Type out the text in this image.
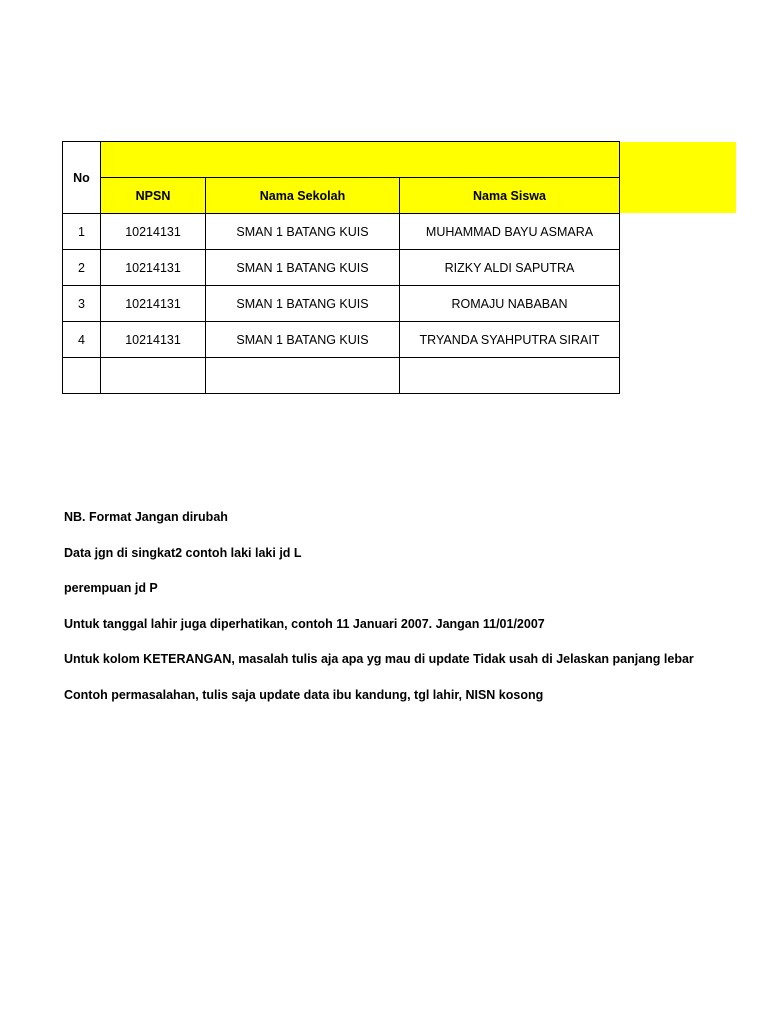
No			
	NPSN	Nama Sekolah	Nama Siswa
1	10214131	SMAN 1 BATANG KUIS	MUHAMMAD BAYU ASMARA
2	10214131	SMAN 1 BATANG KUIS	RIZKY ALDI SAPUTRA
3	10214131	SMAN 1 BATANG KUIS	ROMAJU NABABAN
4	10214131	SMAN 1 BATANG KUIS	TRYANDA SYAHPUTRA SIRAIT

NB. Format Jangan dirubah
Data jgn di singkat2 contoh laki laki jd L
perempuan jd P
Untuk tanggal lahir juga diperhatikan, contoh 11 Januari 2007. Jangan 11/01/2007
Untuk kolom KETERANGAN, masalah tulis aja apa yg mau di update Tidak usah di Jelaskan panjang lebar
Contoh permasalahan, tulis saja update data ibu kandung, tgl lahir, NISN kosong
